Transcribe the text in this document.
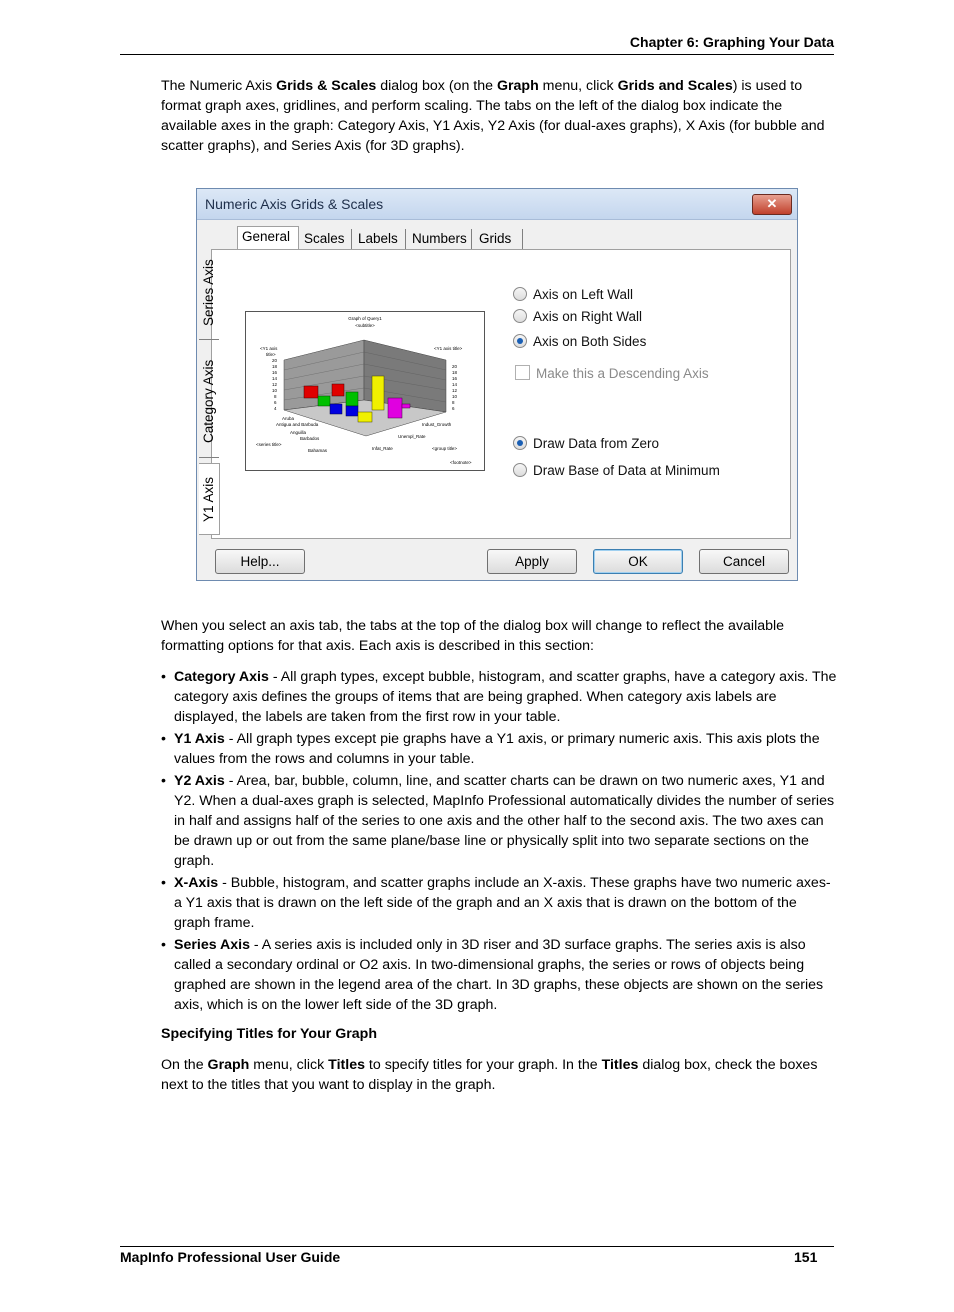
Chapter 6: Graphing Your Data
The Numeric Axis Grids & Scales dialog box (on the Graph menu, click Grids and Scales) is used to format graph axes, gridlines, and perform scaling. The tabs on the left of the dialog box indicate the available axes in the graph: Category Axis, Y1 Axis, Y2 Axis (for dual-axes graphs), X Axis (for bubble and scatter graphs), and Series Axis (for 3D graphs).
Numeric Axis Grids & Scales	✕
General	Scales Labels	Numbers Grids
Series Axis
Category Axis
Y1 Axis
Graph of Query1
<subtitle>
<Y1 axis
title>
<Y1 axis title>
20
18
16
14
12
10
8
6
4
20
18
16
14
12
10
8
6
Aruba
Antigua and Barbuda
Anguilla
Barbados
Bahamas
Indust_Growth
Unempl_Rate
Infat_Rate
<series title>
<group title>
<footnote>
Axis on Left Wall
Axis on Right Wall
Axis on Both Sides
Make this a Descending Axis
Draw Data from Zero
Draw Base of Data at Minimum
Help...	Apply	OK	Cancel
When you select an axis tab, the tabs at the top of the dialog box will change to reflect the available formatting options for that axis. Each axis is described in this section:
• Category Axis - All graph types, except bubble, histogram, and scatter graphs, have a category axis. The category axis defines the groups of items that are being graphed. When category axis labels are displayed, the labels are taken from the first row in your table.
• Y1 Axis - All graph types except pie graphs have a Y1 axis, or primary numeric axis. This axis plots the values from the rows and columns in your table.
• Y2 Axis - Area, bar, bubble, column, line, and scatter charts can be drawn on two numeric axes, Y1 and Y2. When a dual-axes graph is selected, MapInfo Professional automatically divides the number of series in half and assigns half of the series to one axis and the other half to the second axis. The two axes can be drawn up or out from the same plane/base line or physically split into two separate sections on the graph.
• X-Axis - Bubble, histogram, and scatter graphs include an X-axis. These graphs have two numeric axes-a Y1 axis that is drawn on the left side of the graph and an X axis that is drawn on the bottom of the graph frame.
• Series Axis - A series axis is included only in 3D riser and 3D surface graphs. The series axis is also called a secondary ordinal or O2 axis. In two-dimensional graphs, the series or rows of objects being graphed are shown in the legend area of the chart. In 3D graphs, these objects are shown on the series axis, which is on the lower left side of the 3D graph.
Specifying Titles for Your Graph
On the Graph menu, click Titles to specify titles for your graph. In the Titles dialog box, check the boxes next to the titles that you want to display in the graph.
MapInfo Professional User Guide	151
